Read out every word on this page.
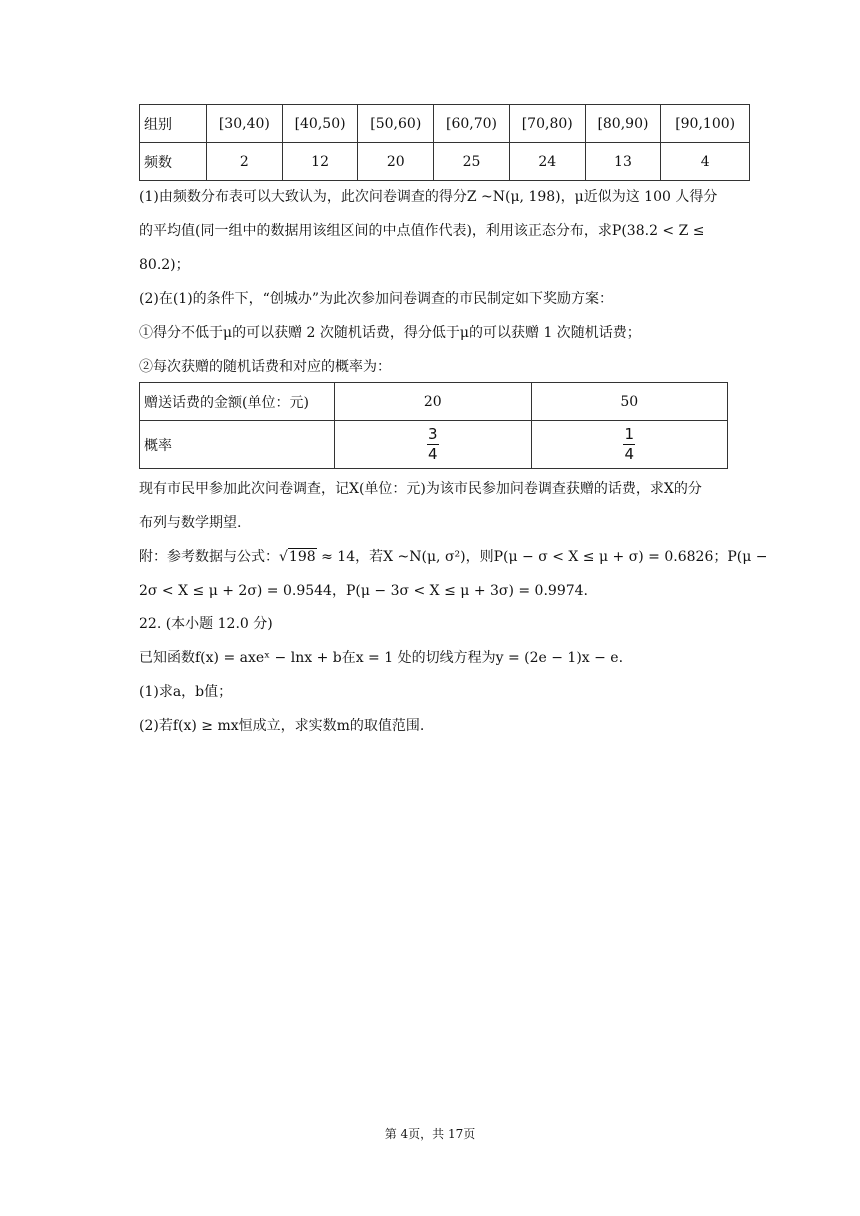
组别	[30,40)	[40,50)	[50,60)	[60,70)	[70,80)	[80,90)	[90,100)
频数	2	12	20	25	24	13	4
(1)由频数分布表可以大致认为，此次问卷调查的得分Z ~N(μ, 198)，μ近似为这 100 人得分
的平均值(同一组中的数据用该组区间的中点值作代表)，利用该正态分布，求P(38.2 < Z ≤
80.2)；
(2)在(1)的条件下，“创城办”为此次参加问卷调查的市民制定如下奖励方案：
①得分不低于μ的可以获赠 2 次随机话费，得分低于μ的可以获赠 1 次随机话费；
②每次获赠的随机话费和对应的概率为：
赠送话费的金额(单位：元)	20	50
概率	$\frac{3}{4}$	$\frac{1}{4}$
现有市民甲参加此次问卷调查，记X(单位：元)为该市民参加问卷调查获赠的话费，求X的分
布列与数学期望.
附：参考数据与公式：√198 ≈ 14，若X ~N(μ, σ²)，则P(μ − σ < X ≤ μ + σ) = 0.6826；P(μ −
2σ < X ≤ μ + 2σ) = 0.9544，P(μ − 3σ < X ≤ μ + 3σ) = 0.9974.
22. (本小题 12.0 分)
已知函数f(x) = axeˣ − lnx + b在x = 1 处的切线方程为y = (2e − 1)x − e.
(1)求a，b值；
(2)若f(x) ≥ mx恒成立，求实数m的取值范围.
第 4页，共 17页
